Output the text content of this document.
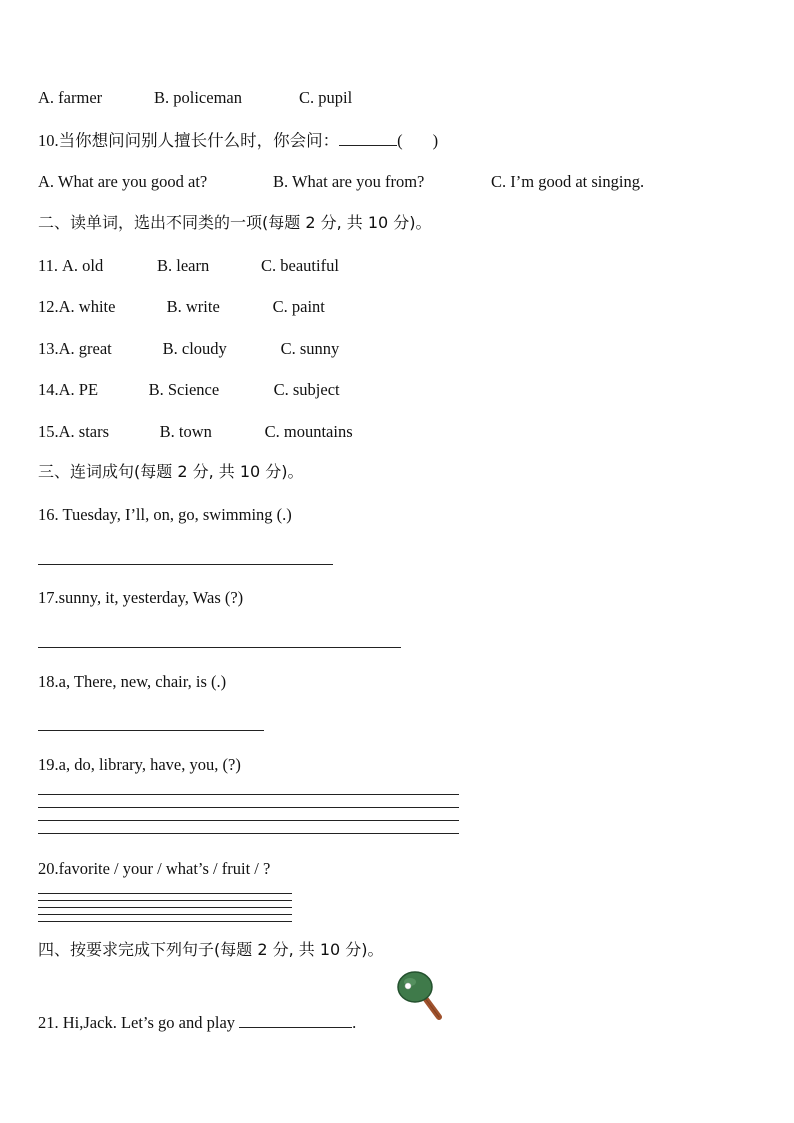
A. farmer	B. policeman	C. pupil
10.当你想问问别人擅长什么时，你会问：	( )
A. What are you good at?	B. What are you from?	C. I’m good at singing.
二、读单词，选出不同类的一项(每题 2 分, 共 10 分)。
11. A. old	B. learn	C. beautiful
12.A. white	B. write	C. paint
13.A. great	B. cloudy	C. sunny
14.A. PE	B. Science	C. subject
15.A. stars	B. town	C. mountains
三、连词成句(每题 2 分, 共 10 分)。
16. Tuesday, I’ll, on, go, swimming (.)
17.sunny, it, yesterday, Was (?)
18.a, There, new, chair, is (.)
19.a, do, library, have, you, (?)
20.favorite / your / what’s / fruit / ?
四、按要求完成下列句子(每题 2 分, 共 10 分)。
21. Hi,Jack. Let’s go and play	.
